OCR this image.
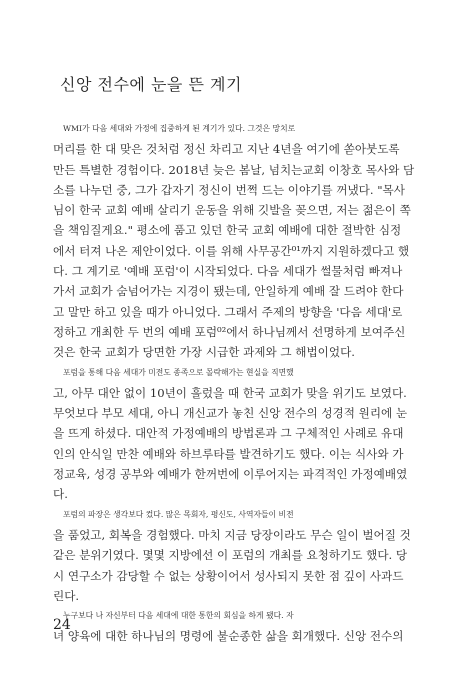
신앙 전수에 눈을 뜬 계기
WMI가 다음 세대와 가정에 집중하게 된 계기가 있다. 그것은 망치로
머리를 한 대 맞은 것처럼 정신 차리고 지난 4년을 여기에 쏟아붓도록
만든 특별한 경험이다. 2018년 늦은 봄날, 넘치는교회 이창호 목사와 담
소를 나누던 중, 그가 갑자기 정신이 번쩍 드는 이야기를 꺼냈다. "목사
님이 한국 교회 예배 살리기 운동을 위해 깃발을 꽂으면, 저는 젊은이 쪽
을 책임질게요." 평소에 품고 있던 한국 교회 예배에 대한 절박한 심정
에서 터져 나온 제안이었다. 이를 위해 사무공간⁰¹까지 지원하겠다고 했
다. 그 계기로 '예배 포럼'이 시작되었다. 다음 세대가 썰물처럼 빠져나
가서 교회가 숨넘어가는 지경이 됐는데, 안일하게 예배 잘 드려야 한다
고 말만 하고 있을 때가 아니었다. 그래서 주제의 방향을 '다음 세대'로
정하고 개최한 두 번의 예배 포럼⁰²에서 하나님께서 선명하게 보여주신
것은 한국 교회가 당면한 가장 시급한 과제와 그 해법이었다.
포럼을 통해 다음 세대가 미전도 종족으로 몰락해가는 현실을 직면했
고, 아무 대안 없이 10년이 흘렀을 때 한국 교회가 맞을 위기도 보였다.
무엇보다 부모 세대, 아니 개신교가 놓친 신앙 전수의 성경적 원리에 눈
을 뜨게 하셨다. 대안적 가정예배의 방법론과 그 구체적인 사례로 유대
인의 안식일 만찬 예배와 하브루타를 발견하기도 했다. 이는 식사와 가
정교육, 성경 공부와 예배가 한꺼번에 이루어지는 파격적인 가정예배였
다.
포럼의 파장은 생각보다 컸다. 많은 목회자, 평신도, 사역자들이 비전
을 품었고, 회복을 경험했다. 마치 지금 당장이라도 무슨 일이 벌어질 것
같은 분위기였다. 몇몇 지방에선 이 포럼의 개최를 요청하기도 했다. 당
시 연구소가 감당할 수 없는 상황이어서 성사되지 못한 점 깊이 사과드
린다.
누구보다 나 자신부터 다음 세대에 대한 통한의 회심을 하게 됐다. 자
녀 양육에 대한 하나님의 명령에 불순종한 삶을 회개했다. 신앙 전수의
24
